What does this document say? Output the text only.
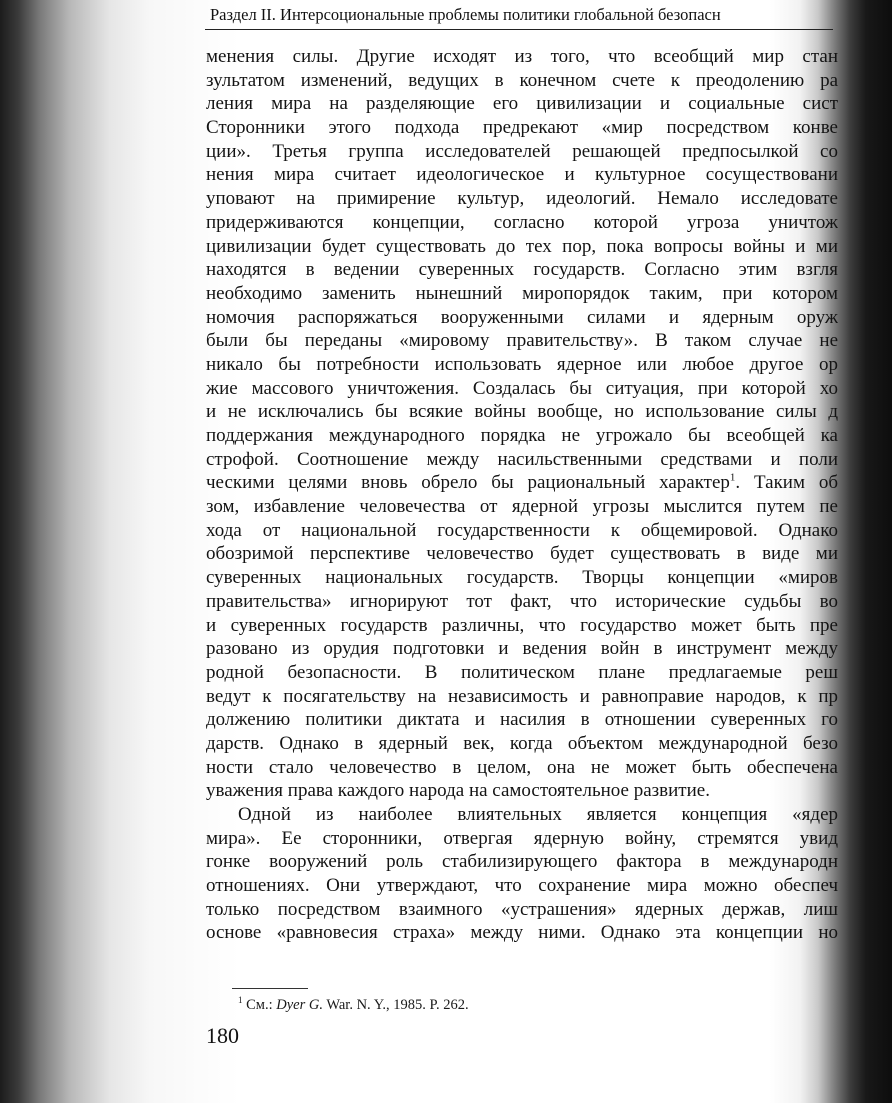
Раздел II. Интерсоциональные проблемы политики глобальной безопасн
менения силы. Другие исходят из того, что всеобщий мир стан
зультатом изменений, ведущих в конечном счете к преодолению ра
ления мира на разделяющие его цивилизации и социальные сист
Сторонники этого подхода предрекают «мир посредством конве
ции». Третья группа исследователей решающей предпосылкой со
нения мира считает идеологическое и культурное сосуществовани
уповают на примирение культур, идеологий. Немало исследовате
придерживаются концепции, согласно которой угроза уничтож
цивилизации будет существовать до тех пор, пока вопросы войны и ми
находятся в ведении суверенных государств. Согласно этим взгля
необходимо заменить нынешний миропорядок таким, при котором
номочия распоряжаться вооруженными силами и ядерным оруж
были бы переданы «мировому правительству». В таком случае не
никало бы потребности использовать ядерное или любое другое ор
жие массового уничтожения. Создалась бы ситуация, при которой хо
и не исключались бы всякие войны вообще, но использование силы д
поддержания международного порядка не угрожало бы всеобщей ка
строфой. Соотношение между насильственными средствами и поли
ческими целями вновь обрело бы рациональный характер$^1$. Таким об
зом, избавление человечества от ядерной угрозы мыслится путем пе
хода от национальной государственности к общемировой. Однако
обозримой перспективе человечество будет существовать в виде ми
суверенных национальных государств. Творцы концепции «миров
правительства» игнорируют тот факт, что исторические судьбы во
и суверенных государств различны, что государство может быть пре
разовано из орудия подготовки и ведения войн в инструмент между
родной безопасности. В политическом плане предлагаемые реш
ведут к посягательству на независимость и равноправие народов, к пр
должению политики диктата и насилия в отношении суверенных го
дарств. Однако в ядерный век, когда объектом международной безо
ности стало человечество в целом, она не может быть обеспечена
уважения права каждого народа на самостоятельное развитие.
Одной из наиболее влиятельных является концепция «ядер
мира». Ее сторонники, отвергая ядерную войну, стремятся увид
гонке вооружений роль стабилизирующего фактора в международн
отношениях. Они утверждают, что сохранение мира можно обеспеч
только посредством взаимного «устрашения» ядерных держав, лиш
основе «равновесия страха» между ними. Однако эта концепции но
$^1$ См.: Dyer G. War. N. Y., 1985. P. 262.
180
